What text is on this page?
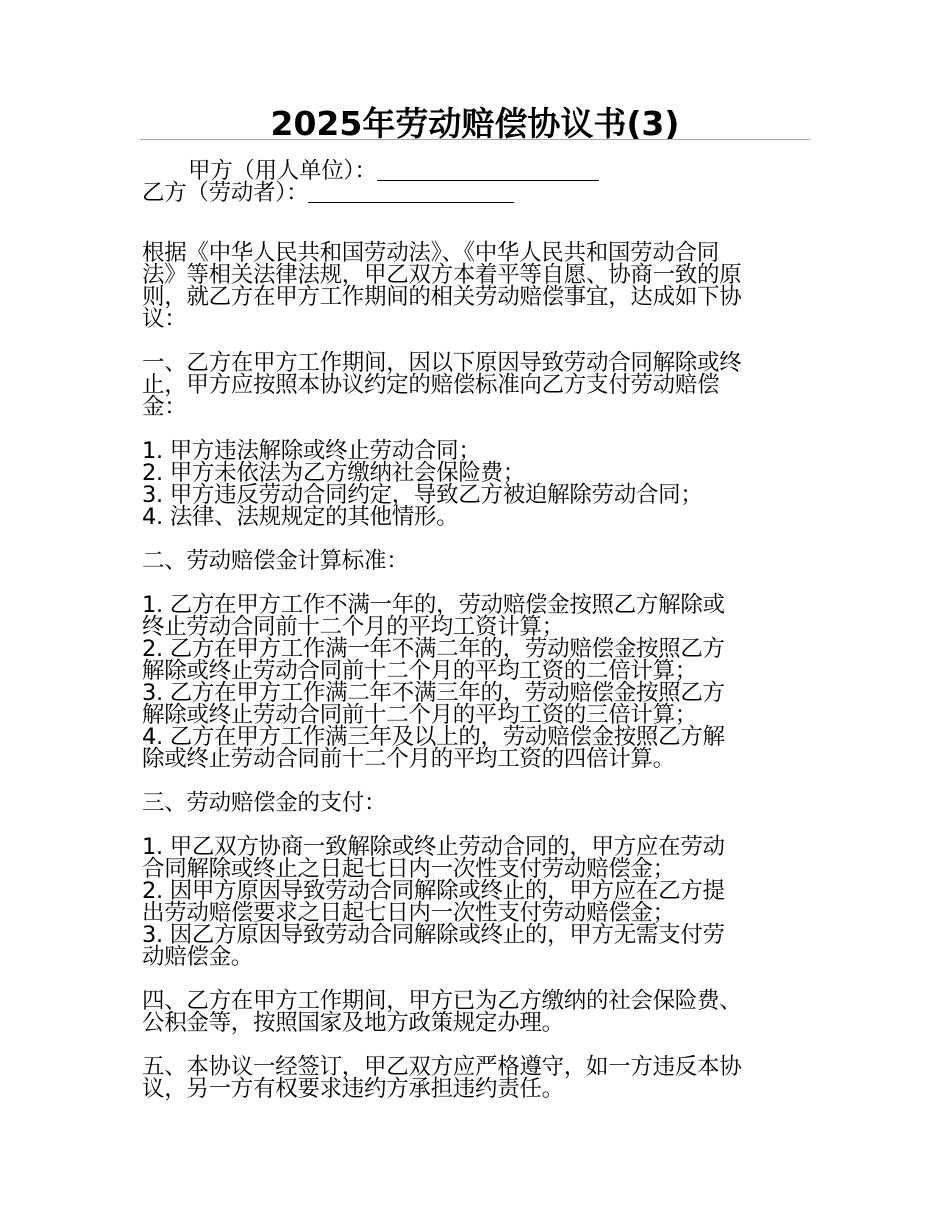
2025年劳动赔偿协议书(3)
甲方（用人单位）：
乙方（劳动者）：
根据《中华人民共和国劳动法》、《中华人民共和国劳动合同
法》等相关法律法规，甲乙双方本着平等自愿、协商一致的原
则，就乙方在甲方工作期间的相关劳动赔偿事宜，达成如下协
议：
一、乙方在甲方工作期间，因以下原因导致劳动合同解除或终
止，甲方应按照本协议约定的赔偿标准向乙方支付劳动赔偿
金：
1. 甲方违法解除或终止劳动合同；
2. 甲方未依法为乙方缴纳社会保险费；
3. 甲方违反劳动合同约定，导致乙方被迫解除劳动合同；
4. 法律、法规规定的其他情形。
二、劳动赔偿金计算标准：
1. 乙方在甲方工作不满一年的，劳动赔偿金按照乙方解除或
终止劳动合同前十二个月的平均工资计算；
2. 乙方在甲方工作满一年不满二年的，劳动赔偿金按照乙方
解除或终止劳动合同前十二个月的平均工资的二倍计算；
3. 乙方在甲方工作满二年不满三年的，劳动赔偿金按照乙方
解除或终止劳动合同前十二个月的平均工资的三倍计算；
4. 乙方在甲方工作满三年及以上的，劳动赔偿金按照乙方解
除或终止劳动合同前十二个月的平均工资的四倍计算。
三、劳动赔偿金的支付：
1. 甲乙双方协商一致解除或终止劳动合同的，甲方应在劳动
合同解除或终止之日起七日内一次性支付劳动赔偿金；
2. 因甲方原因导致劳动合同解除或终止的，甲方应在乙方提
出劳动赔偿要求之日起七日内一次性支付劳动赔偿金；
3. 因乙方原因导致劳动合同解除或终止的，甲方无需支付劳
动赔偿金。
四、乙方在甲方工作期间，甲方已为乙方缴纳的社会保险费、
公积金等，按照国家及地方政策规定办理。
五、本协议一经签订，甲乙双方应严格遵守，如一方违反本协
议，另一方有权要求违约方承担违约责任。
